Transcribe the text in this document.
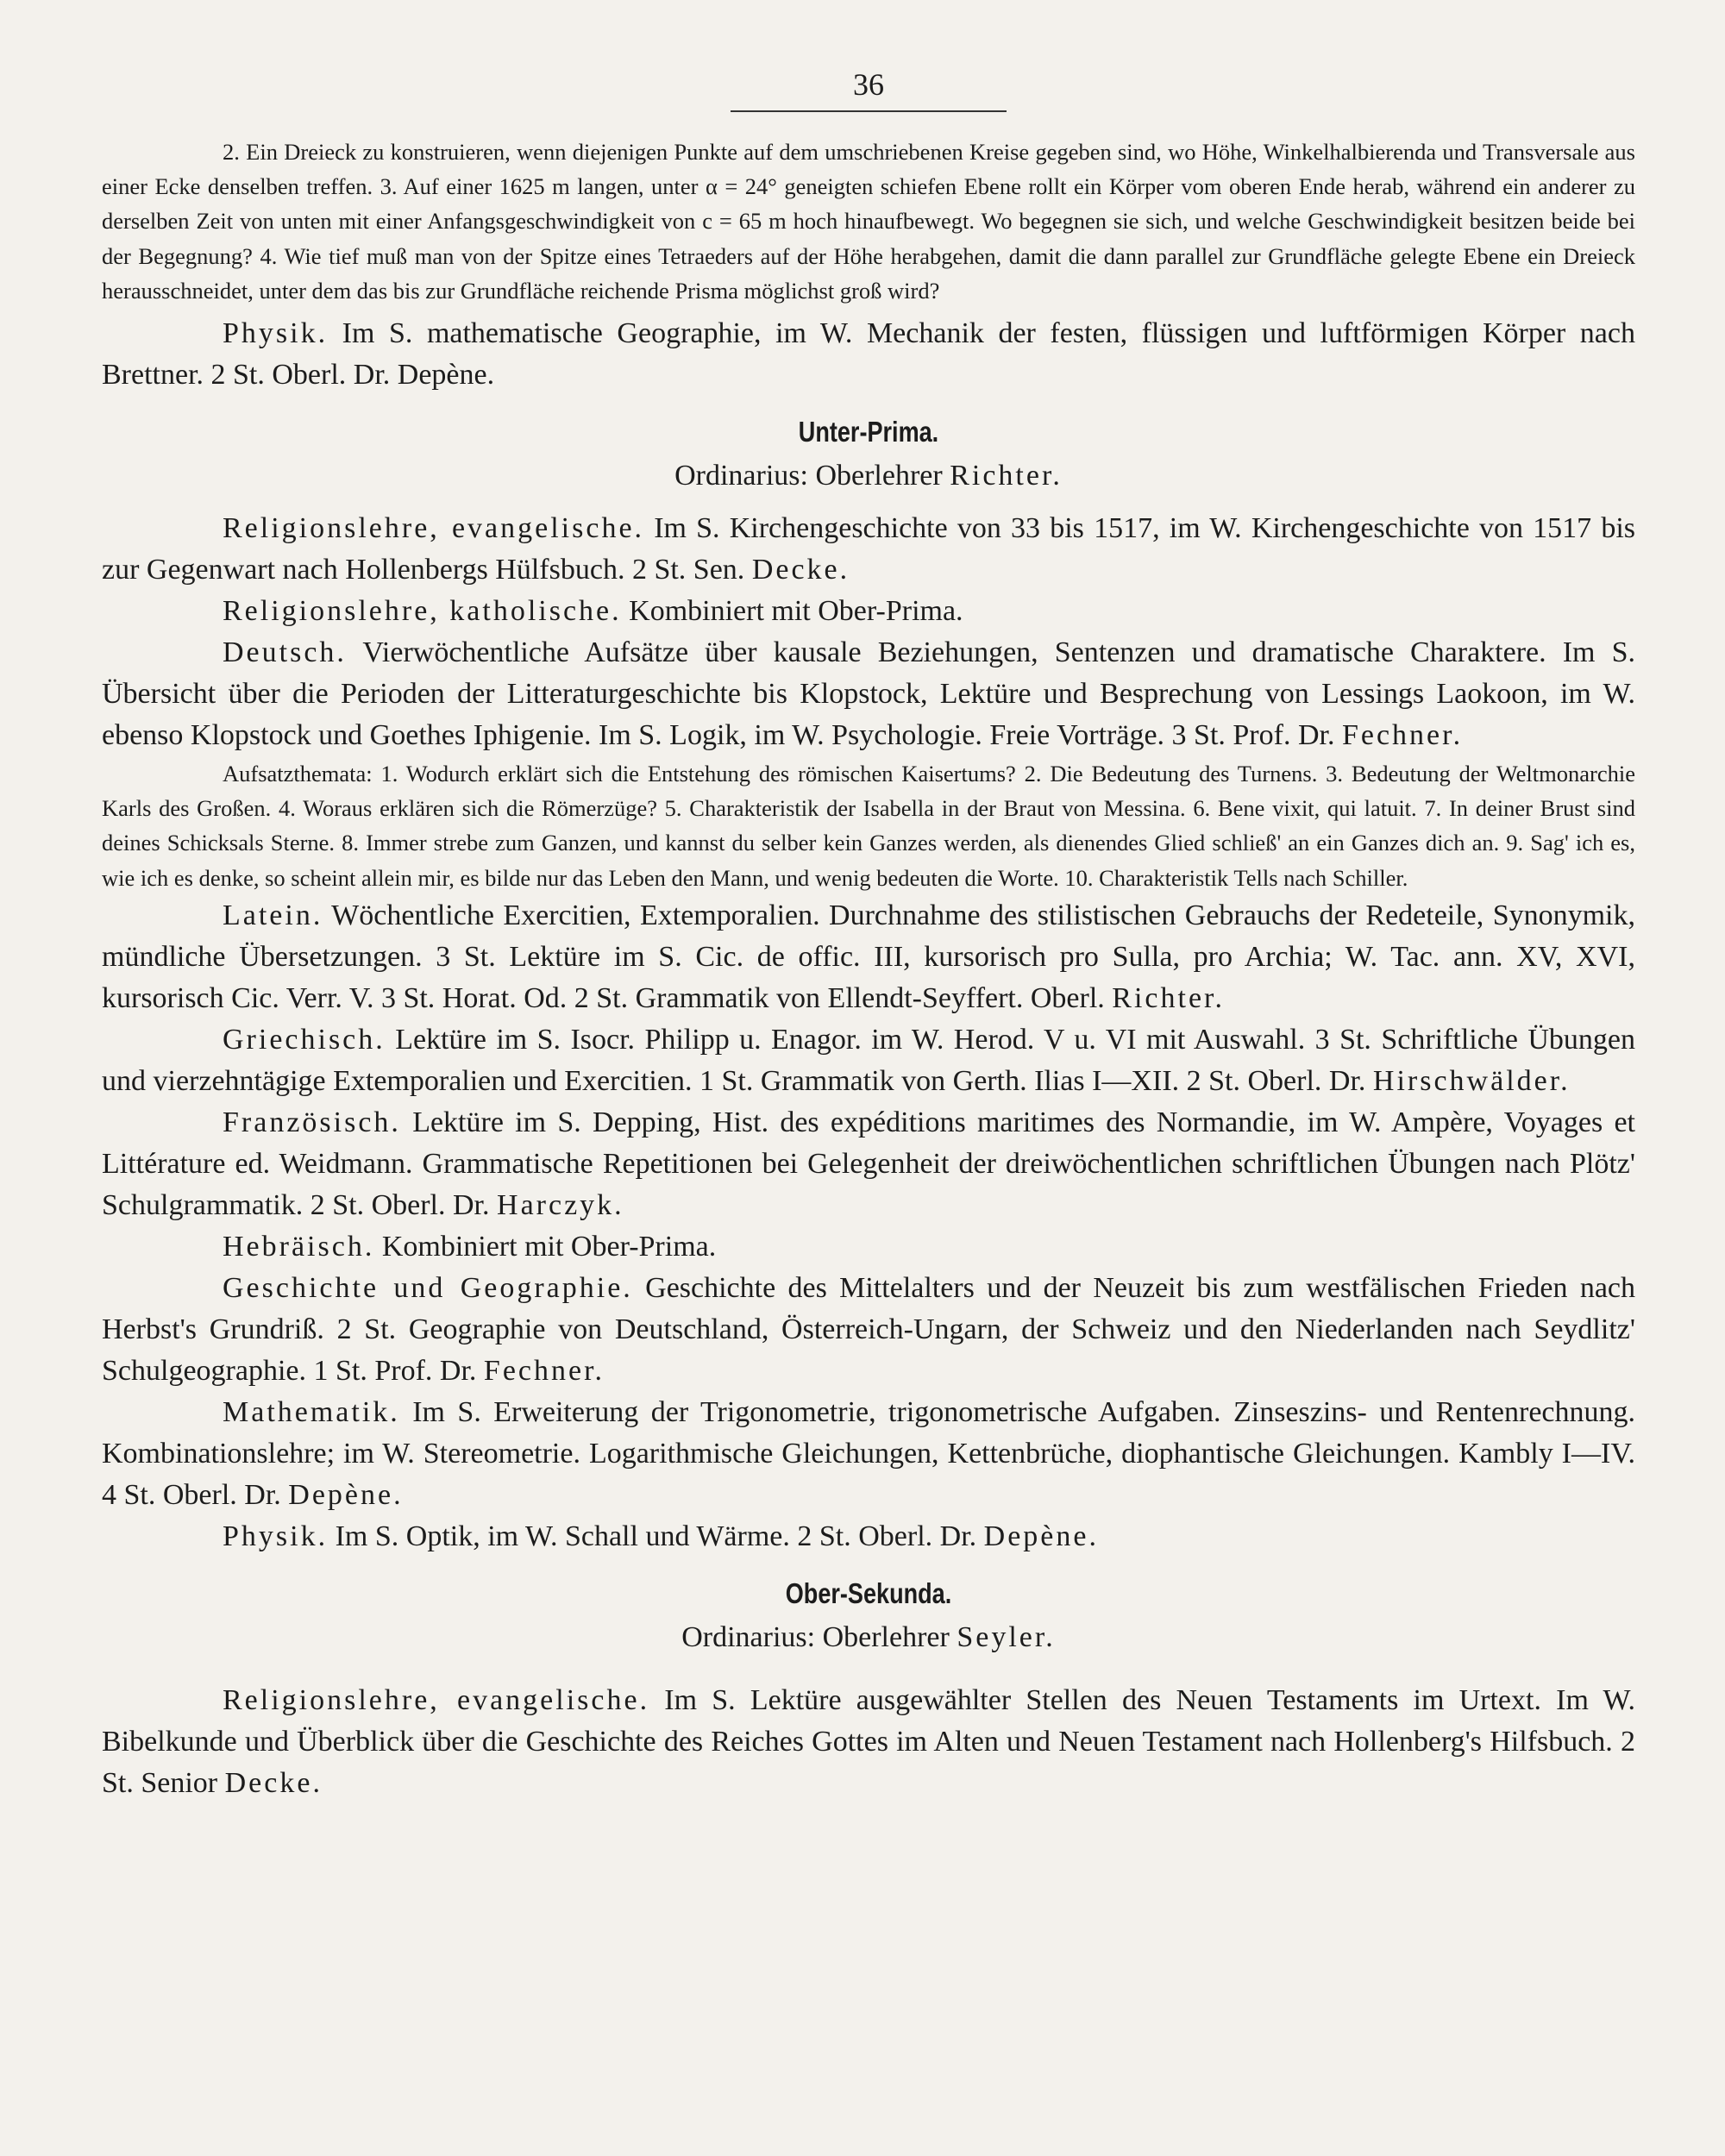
36

2. Ein Dreieck zu konstruieren, wenn diejenigen Punkte auf dem umschriebenen Kreise gegeben sind, wo Höhe, Winkelhalbierenda und Transversale aus einer Ecke denselben treffen. 3. Auf einer 1625 m langen, unter α = 24° geneigten schiefen Ebene rollt ein Körper vom oberen Ende herab, während ein anderer zu derselben Zeit von unten mit einer Anfangsgeschwindigkeit von c = 65 m hoch hinaufbewegt. Wo begegnen sie sich, und welche Geschwindigkeit besitzen beide bei der Begegnung? 4. Wie tief muß man von der Spitze eines Tetraeders auf der Höhe herabgehen, damit die dann parallel zur Grundfläche gelegte Ebene ein Dreieck herausschneidet, unter dem das bis zur Grundfläche reichende Prisma möglichst groß wird?

Physik. Im S. mathematische Geographie, im W. Mechanik der festen, flüssigen und luftförmigen Körper nach Brettner. 2 St. Oberl. Dr. Depène.

Unter-Prima.
Ordinarius: Oberlehrer Richter.

Religionslehre, evangelische. Im S. Kirchengeschichte von 33 bis 1517, im W. Kirchengeschichte von 1517 bis zur Gegenwart nach Hollenbergs Hülfsbuch. 2 St. Sen. Decke.

Religionslehre, katholische. Kombiniert mit Ober-Prima.

Deutsch. Vierwöchentliche Aufsätze über kausale Beziehungen, Sentenzen und dramatische Charaktere. Im S. Übersicht über die Perioden der Litteraturgeschichte bis Klopstock, Lektüre und Besprechung von Lessings Laokoon, im W. ebenso Klopstock und Goethes Iphigenie. Im S. Logik, im W. Psychologie. Freie Vorträge. 3 St. Prof. Dr. Fechner.

Aufsatzthemata: 1. Wodurch erklärt sich die Entstehung des römischen Kaisertums? 2. Die Bedeutung des Turnens. 3. Bedeutung der Weltmonarchie Karls des Großen. 4. Woraus erklären sich die Römerzüge? 5. Charakteristik der Isabella in der Braut von Messina. 6. Bene vixit, qui latuit. 7. In deiner Brust sind deines Schicksals Sterne. 8. Immer strebe zum Ganzen, und kannst du selber kein Ganzes werden, als dienendes Glied schließ' an ein Ganzes dich an. 9. Sag' ich es, wie ich es denke, so scheint allein mir, es bilde nur das Leben den Mann, und wenig bedeuten die Worte. 10. Charakteristik Tells nach Schiller.

Latein. Wöchentliche Exercitien, Extemporalien. Durchnahme des stilistischen Gebrauchs der Redeteile, Synonymik, mündliche Übersetzungen. 3 St. Lektüre im S. Cic. de offic. III, kursorisch pro Sulla, pro Archia; W. Tac. ann. XV, XVI, kursorisch Cic. Verr. V. 3 St. Horat. Od. 2 St. Grammatik von Ellendt-Seyffert. Oberl. Richter.

Griechisch. Lektüre im S. Isocr. Philipp u. Enagor. im W. Herod. V u. VI mit Auswahl. 3 St. Schriftliche Übungen und vierzehntägige Extemporalien und Exercitien. 1 St. Grammatik von Gerth. Ilias I—XII. 2 St. Oberl. Dr. Hirschwälder.

Französisch. Lektüre im S. Depping, Hist. des expéditions maritimes des Normandie, im W. Ampère, Voyages et Littérature ed. Weidmann. Grammatische Repetitionen bei Gelegenheit der dreiwöchentlichen schriftlichen Übungen nach Plötz' Schulgrammatik. 2 St. Oberl. Dr. Harczyk.

Hebräisch. Kombiniert mit Ober-Prima.

Geschichte und Geographie. Geschichte des Mittelalters und der Neuzeit bis zum westfälischen Frieden nach Herbst's Grundriß. 2 St. Geographie von Deutschland, Österreich-Ungarn, der Schweiz und den Niederlanden nach Seydlitz' Schulgeographie. 1 St. Prof. Dr. Fechner.

Mathematik. Im S. Erweiterung der Trigonometrie, trigonometrische Aufgaben. Zinseszins- und Rentenrechnung. Kombinationslehre; im W. Stereometrie. Logarithmische Gleichungen, Kettenbrüche, diophantische Gleichungen. Kambly I—IV. 4 St. Oberl. Dr. Depène.

Physik. Im S. Optik, im W. Schall und Wärme. 2 St. Oberl. Dr. Depène.

Ober-Sekunda.
Ordinarius: Oberlehrer Seyler.

Religionslehre, evangelische. Im S. Lektüre ausgewählter Stellen des Neuen Testaments im Urtext. Im W. Bibelkunde und Überblick über die Geschichte des Reiches Gottes im Alten und Neuen Testament nach Hollenberg's Hilfsbuch. 2 St. Senior Decke.
